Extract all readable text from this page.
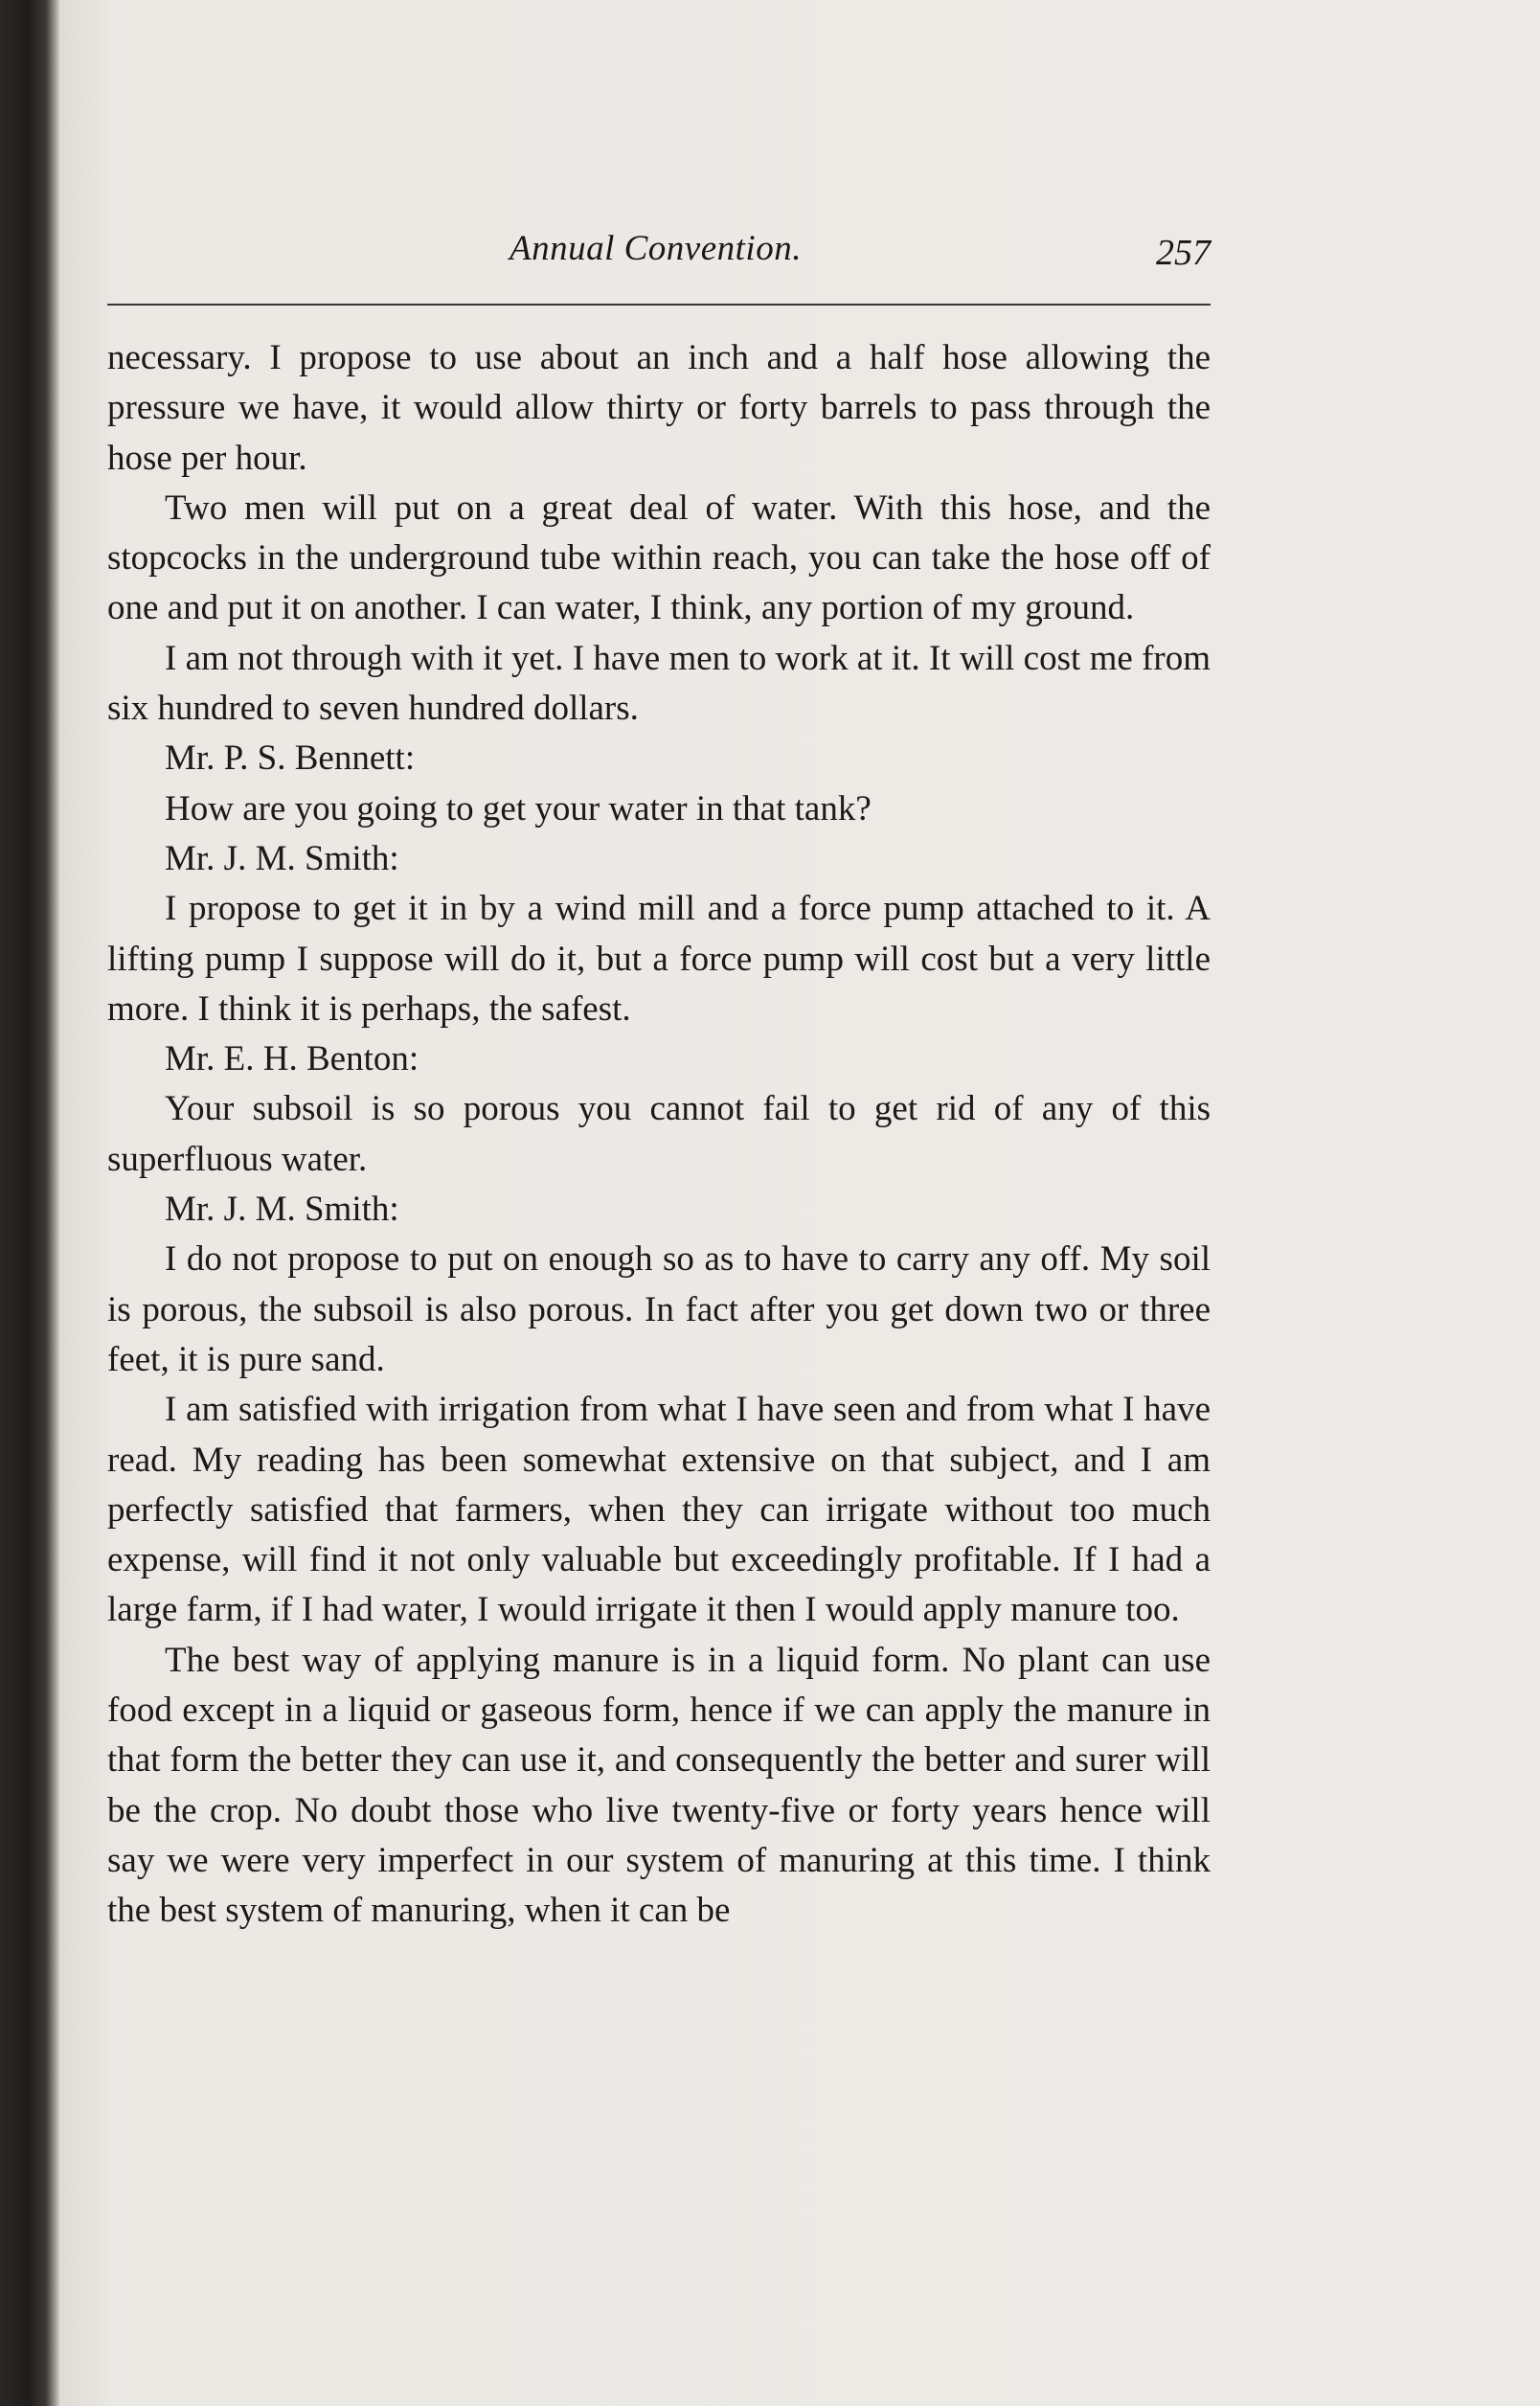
Annual Convention.	257

necessary. I propose to use about an inch and a half hose allowing the pressure we have, it would allow thirty or forty barrels to pass through the hose per hour.

Two men will put on a great deal of water. With this hose, and the stopcocks in the underground tube within reach, you can take the hose off of one and put it on another. I can water, I think, any portion of my ground.

I am not through with it yet. I have men to work at it. It will cost me from six hundred to seven hundred dollars.

Mr. P. S. Bennett:

How are you going to get your water in that tank?

Mr. J. M. Smith:

I propose to get it in by a wind mill and a force pump attached to it. A lifting pump I suppose will do it, but a force pump will cost but a very little more. I think it is perhaps, the safest.

Mr. E. H. Benton:

Your subsoil is so porous you cannot fail to get rid of any of this superfluous water.

Mr. J. M. Smith:

I do not propose to put on enough so as to have to carry any off. My soil is porous, the subsoil is also porous. In fact after you get down two or three feet, it is pure sand.

I am satisfied with irrigation from what I have seen and from what I have read. My reading has been somewhat extensive on that subject, and I am perfectly satisfied that farmers, when they can irrigate without too much expense, will find it not only valuable but exceedingly profitable. If I had a large farm, if I had water, I would irrigate it then I would apply manure too.

The best way of applying manure is in a liquid form. No plant can use food except in a liquid or gaseous form, hence if we can apply the manure in that form the better they can use it, and consequently the better and surer will be the crop. No doubt those who live twenty-five or forty years hence will say we were very imperfect in our system of manuring at this time. I think the best system of manuring, when it can be
